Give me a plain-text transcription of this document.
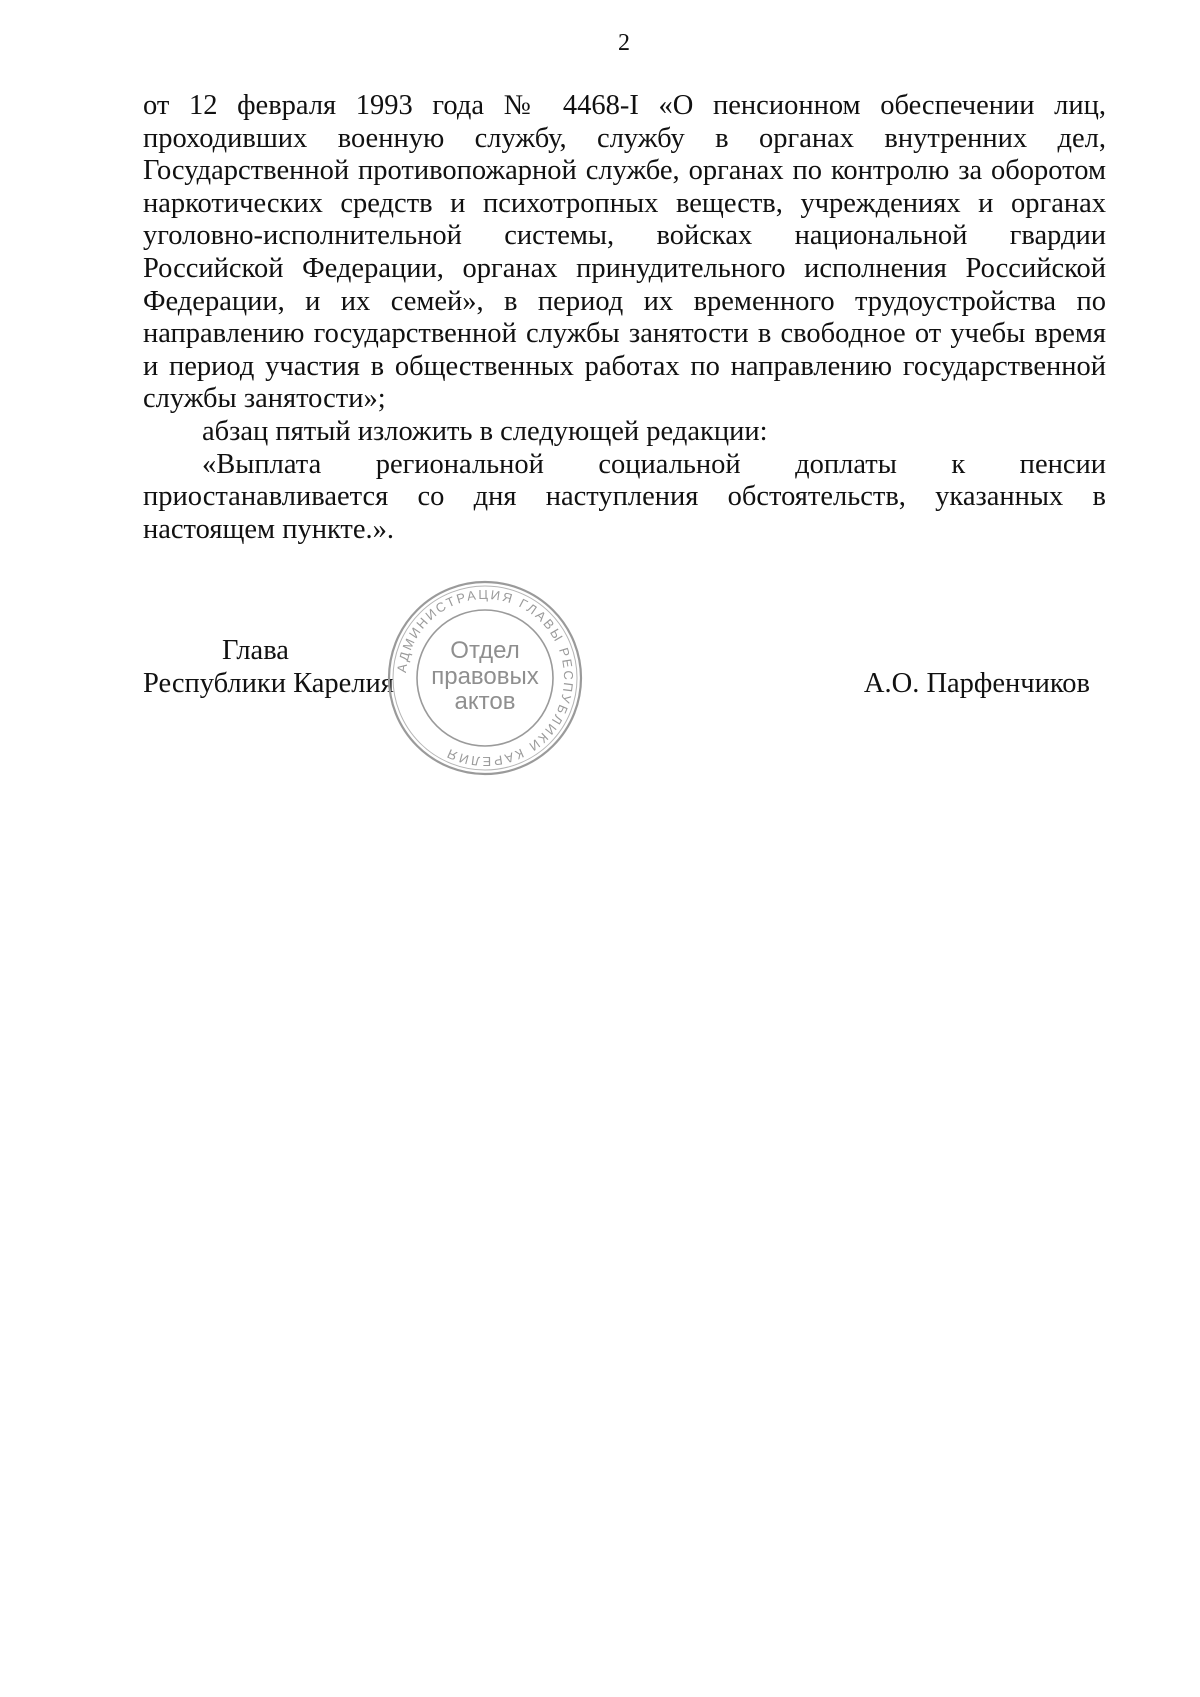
2

от 12 февраля 1993 года № 4468-I «О пенсионном обеспечении лиц,
проходивших военную службу, службу в органах внутренних дел,
Государственной противопожарной службе, органах по контролю за оборотом
наркотических средств и психотропных веществ, учреждениях и органах
уголовно-исполнительной системы, войсках национальной гвардии
Российской Федерации, органах принудительного исполнения Российской
Федерации, и их семей», в период их временного трудоустройства по
направлению государственной службы занятости в свободное от учебы время
и период участия в общественных работах по направлению государственной
службы занятости»;

абзац пятый изложить в следующей редакции:

«Выплата региональной социальной доплаты к пенсии
приостанавливается со дня наступления обстоятельств, указанных в
настоящем пункте.».

Глава
Республики Карелия	А.О. Парфенчиков
АДМИНИСТРАЦИЯ ГЛАВЫ РЕСПУБЛИКИ КАРЕЛИЯ
Отдел
правовых
актов
